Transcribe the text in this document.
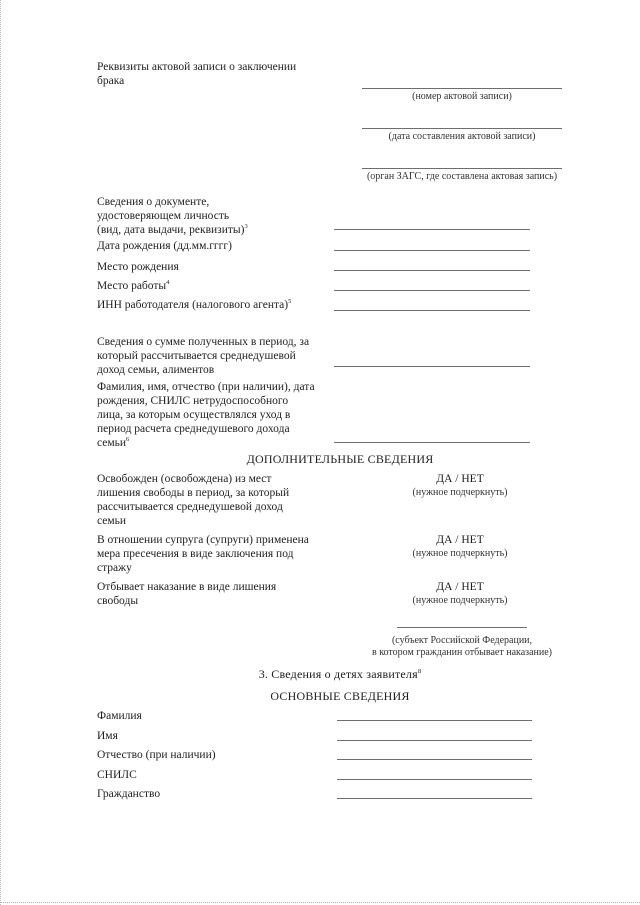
Реквизиты актовой записи о заключении
брака
(номер актовой записи)
(дата составления актовой записи)
(орган ЗАГС, где составлена актовая запись)
Сведения о документе,
удостоверяющем личность
(вид, дата выдачи, реквизиты)$^3$
Дата рождения (дд.мм.гггг)
Место рождения
Место работы$^4$
ИНН работодателя (налогового агента)$^5$
Сведения о сумме полученных в период, за
который рассчитывается среднедушевой
доход семьи, алиментов
Фамилия, имя, отчество (при наличии), дата
рождения, СНИЛС нетрудоспособного
лица, за которым осуществлялся уход в
период расчета среднедушевого дохода
семьи$^6$
ДОПОЛНИТЕЛЬНЫЕ СВЕДЕНИЯ
Освобожден (освобождена) из мест
лишения свободы в период, за который
рассчитывается среднедушевой доход
семьи
ДА / НЕТ
(нужное подчеркнуть)
В отношении супруга (супруги) применена
мера пресечения в виде заключения под
стражу
ДА / НЕТ
(нужное подчеркнуть)
Отбывает наказание в виде лишения
свободы
ДА / НЕТ
(нужное подчеркнуть)
(субъект Российской Федерации,
в котором гражданин отбывает наказание)
3. Сведения о детях заявителя$^8$
ОСНОВНЫЕ СВЕДЕНИЯ
Фамилия
Имя
Отчество (при наличии)
СНИЛС
Гражданство
